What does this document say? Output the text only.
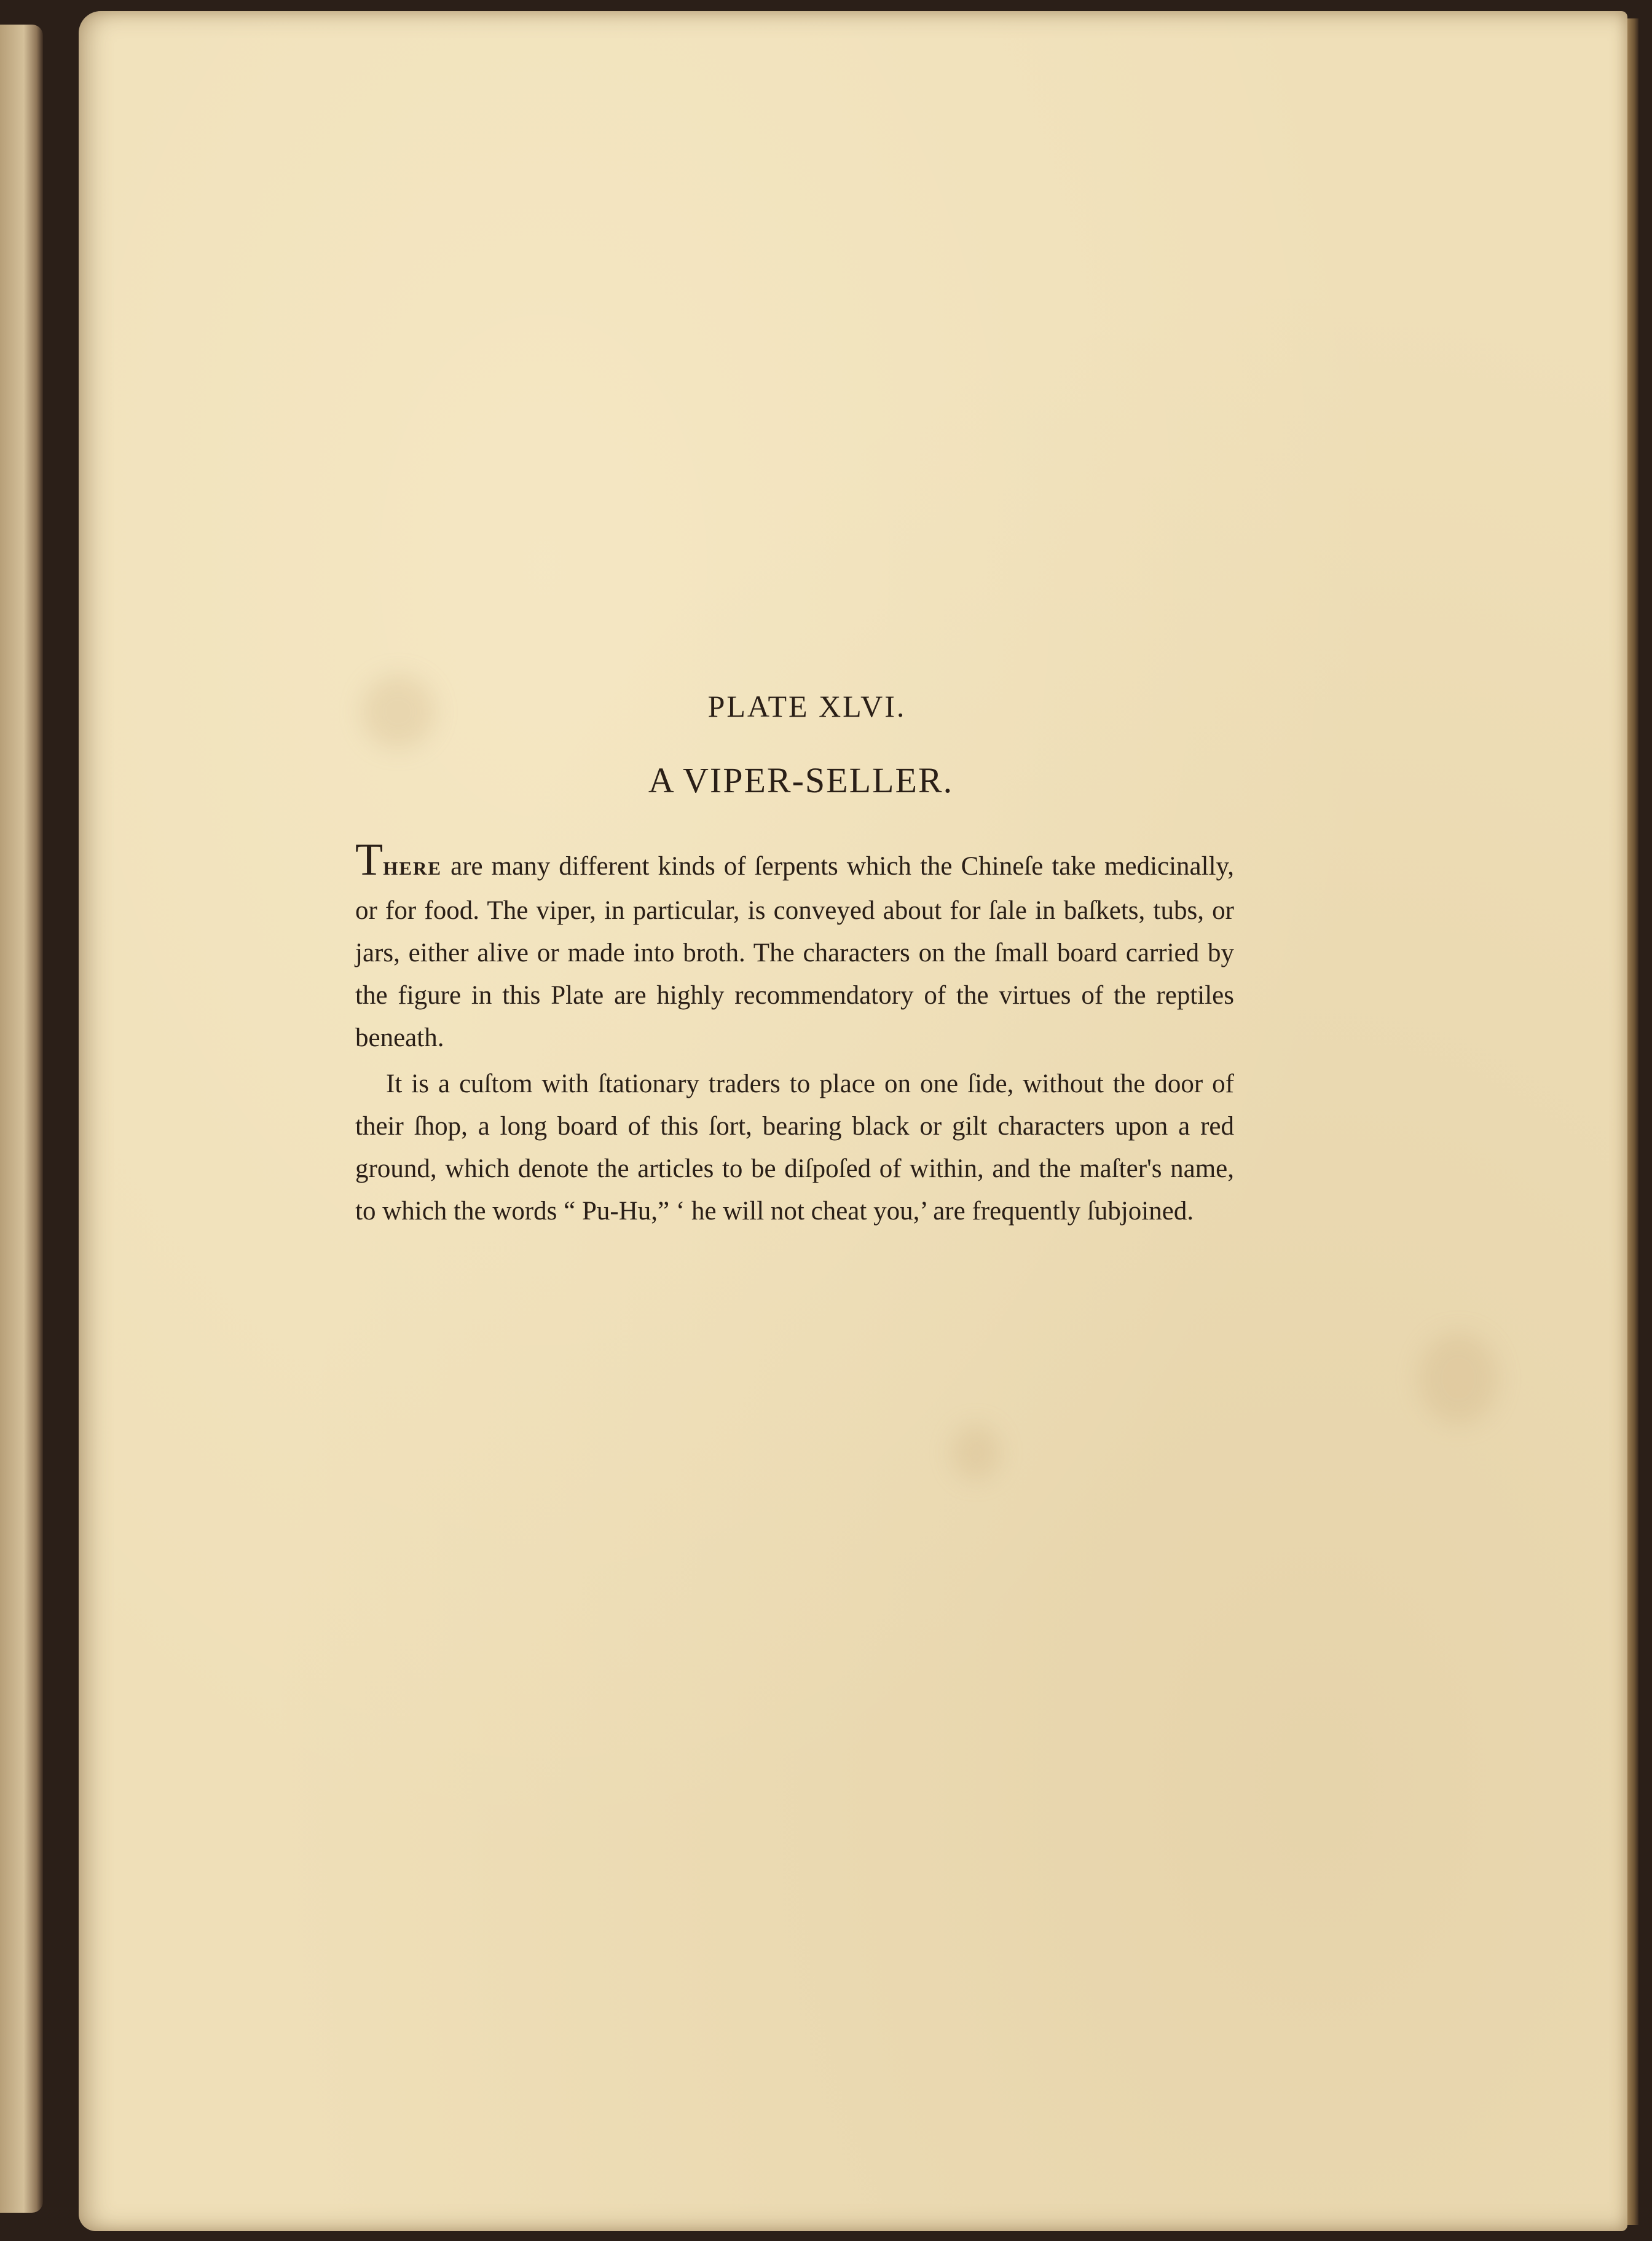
PLATE XLVI.
A VIPER-SELLER.

THERE are many different kinds of ſerpents which the Chineſe take medicinally, or for food. The viper, in particular, is conveyed about for ſale in baſkets, tubs, or jars, either alive or made into broth. The characters on the ſmall board carried by the figure in this Plate are highly recommendatory of the virtues of the reptiles beneath.

It is a cuſtom with ſtationary traders to place on one ſide, without the door of their ſhop, a long board of this ſort, bearing black or gilt characters upon a red ground, which denote the articles to be diſpoſed of within, and the maſter's name, to which the words “ Pu-Hu,” ‘ he will not cheat you,’ are frequently ſubjoined.
